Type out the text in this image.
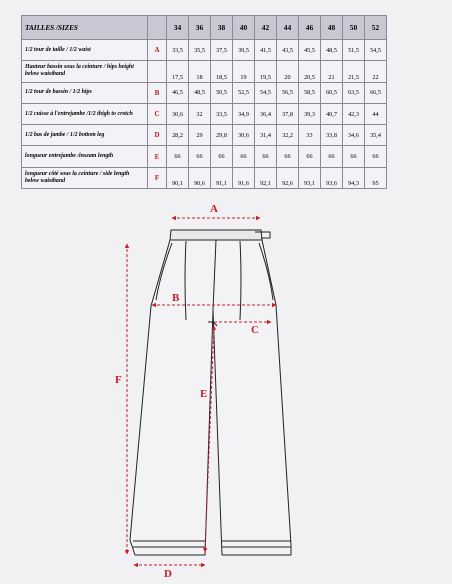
TAILLES /SIZES		34	36	38	40	42	44	46	48	50	52
1/2 tour de taille / 1/2 waist	A	33,5	35,5	37,5	39,5	41,5	43,5	45,5	48,5	51,5	54,5
Hauteur bassin sous la ceinture / hips height
below waistband		17,5	18	18,5	19	19,5	20	20,5	21	21,5	22
1/2 tour de bassin / 1/2 hips	B	46,5	48,5	50,5	52,5	54,5	56,5	58,5	60,5	63,5	66,5
1/2 cuisse à l'entrejambe /1/2 thigh to crotch	C	30,6	32	33,5	34,9	36,4	37,8	39,3	40,7	42,3	44
1/2 bas de jambe / 1/2 bottom leg	D	28,2	29	29,8	30,6	31,4	32,2	33	33,8	34,6	35,4
longueur entrejambe /inseam length	E	66	66	66	66	66	66	66	66	66	66
longueur côté sous la ceinture / side length
below waistband	F	90,1	90,6	91,1	91,6	92,1	92,6	93,1	93,6	94,3	95
A
B
C
D
E
F
